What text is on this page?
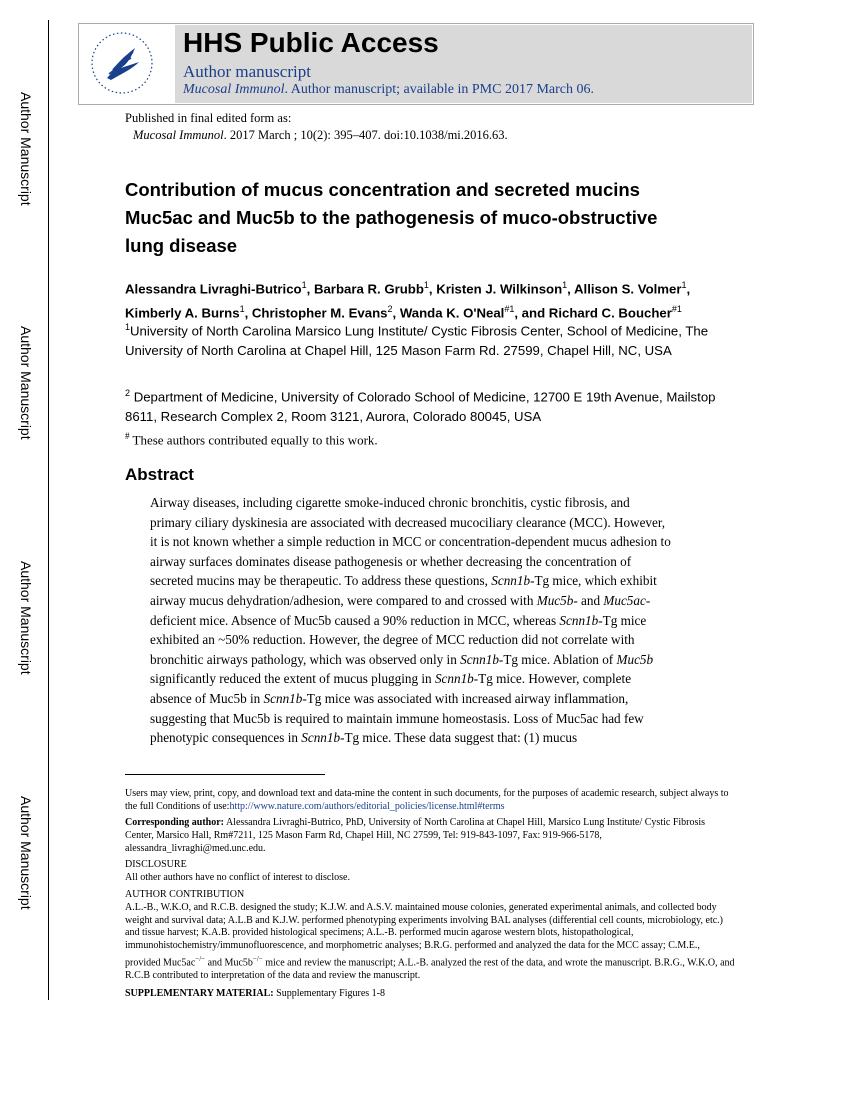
Author Manuscript
Author Manuscript
Author Manuscript
Author Manuscript
HHS Public Access
Author manuscript
Mucosal Immunol. Author manuscript; available in PMC 2017 March 06.
Published in final edited form as:
Mucosal Immunol. 2017 March ; 10(2): 395–407. doi:10.1038/mi.2016.63.
Contribution of mucus concentration and secreted mucins
Muc5ac and Muc5b to the pathogenesis of muco-obstructive
lung disease
Alessandra Livraghi-Butrico$^1$, Barbara R. Grubb$^1$, Kristen J. Wilkinson$^1$, Allison S. Volmer$^1$,
Kimberly A. Burns$^1$, Christopher M. Evans$^2$, Wanda K. O'Neal$^{\#1}$, and Richard C. Boucher$^{\#1}$
$^1$University of North Carolina Marsico Lung Institute/ Cystic Fibrosis Center, School of Medicine, The University of North Carolina at Chapel Hill, 125 Mason Farm Rd. 27599, Chapel Hill, NC, USA
$^2$ Department of Medicine, University of Colorado School of Medicine, 12700 E 19th Avenue, Mailstop 8611, Research Complex 2, Room 3121, Aurora, Colorado 80045, USA
# These authors contributed equally to this work.
Abstract
Airway diseases, including cigarette smoke-induced chronic bronchitis, cystic fibrosis, and
primary ciliary dyskinesia are associated with decreased mucociliary clearance (MCC). However,
it is not known whether a simple reduction in MCC or concentration-dependent mucus adhesion to
airway surfaces dominates disease pathogenesis or whether decreasing the concentration of
secreted mucins may be therapeutic. To address these questions, Scnn1b-Tg mice, which exhibit
airway mucus dehydration/adhesion, were compared to and crossed with Muc5b- and Muc5ac-
deficient mice. Absence of Muc5b caused a 90% reduction in MCC, whereas Scnn1b-Tg mice
exhibited an ~50% reduction. However, the degree of MCC reduction did not correlate with
bronchitic airways pathology, which was observed only in Scnn1b-Tg mice. Ablation of Muc5b
significantly reduced the extent of mucus plugging in Scnn1b-Tg mice. However, complete
absence of Muc5b in Scnn1b-Tg mice was associated with increased airway inflammation,
suggesting that Muc5b is required to maintain immune homeostasis. Loss of Muc5ac had few
phenotypic consequences in Scnn1b-Tg mice. These data suggest that: (1) mucus
Users may view, print, copy, and download text and data-mine the content in such documents, for the purposes of academic research, subject always to the full Conditions of use:http://www.nature.com/authors/editorial_policies/license.html#terms
Corresponding author: Alessandra Livraghi-Butrico, PhD, University of North Carolina at Chapel Hill, Marsico Lung Institute/ Cystic Fibrosis Center, Marsico Hall, Rm#7211, 125 Mason Farm Rd, Chapel Hill, NC 27599, Tel: 919-843-1097, Fax: 919-966-5178, alessandra_livraghi@med.unc.edu.
DISCLOSURE
All other authors have no conflict of interest to disclose.
AUTHOR CONTRIBUTION
A.L.-B., W.K.O, and R.C.B. designed the study; K.J.W. and A.S.V. maintained mouse colonies, generated experimental animals, and collected body weight and survival data; A.L.B and K.J.W. performed phenotyping experiments involving BAL analyses (differential cell counts, microbiology, etc.) and tissue harvest; K.A.B. provided histological specimens; A.L.-B. performed mucin agarose western blots, histopathological, immunohistochemistry/immunofluorescence, and morphometric analyses; B.R.G. performed and analyzed the data for the MCC assay; C.M.E., provided Muc5ac−/− and Muc5b−/− mice and review the manuscript; A.L.-B. analyzed the rest of the data, and wrote the manuscript. B.R.G., W.K.O, and R.C.B contributed to interpretation of the data and review the manuscript.
SUPPLEMENTARY MATERIAL: Supplementary Figures 1-8
